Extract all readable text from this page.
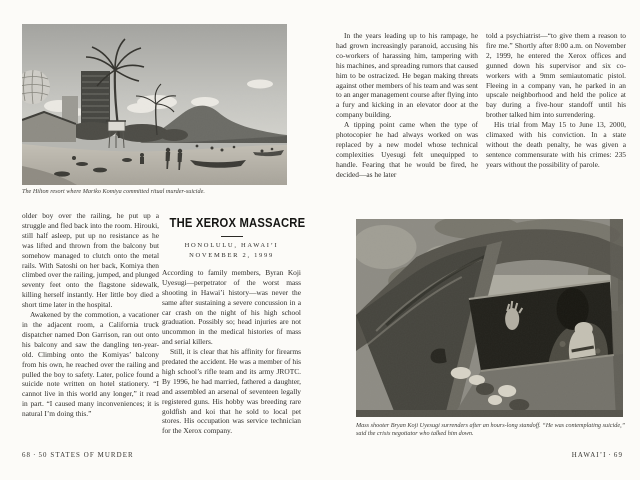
The Hilton resort where Mariko Komiya committed ritual murder-suicide.

older boy over the railing, he put up a struggle and fled back into the room. Hirouki, still half asleep, put up no resistance as he was lifted and thrown from the balcony but somehow managed to clutch onto the metal rails. With Satoshi on her back, Komiya then climbed over the railing, jumped, and plunged seventy feet onto the flagstone sidewalk, killing herself instantly. Her little boy died a short time later in the hospital.

Awakened by the commotion, a vacationer in the adjacent room, a California truck dispatcher named Don Garrison, ran out onto his balcony and saw the dangling ten-year-old. Climbing onto the Komiyas’ balcony from his own, he reached over the railing and pulled the boy to safety. Later, police found a suicide note written on hotel stationery. “I cannot live in this world any longer,” it read in part. “I caused many inconveniences; it is natural I’m doing this.”

THE XEROX MASSACRE
HONOLULU, HAWAI’I
NOVEMBER 2, 1999

According to family members, Byran Koji Uyesugi—perpetrator of the worst mass shooting in Hawai’i history—was never the same after sustaining a severe concussion in a car crash on the night of his high school graduation. Possibly so; head injuries are not uncommon in the medical histories of mass and serial killers.

Still, it is clear that his affinity for firearms predated the accident. He was a member of his high school’s rifle team and its army JROTC. By 1996, he had married, fathered a daughter, and assembled an arsenal of seventeen legally registered guns. His hobby was breeding rare goldfish and koi that he sold to local pet stores. His occupation was service technician for the Xerox company.

68 · 50 STATES OF MURDER

In the years leading up to his rampage, he had grown increasingly paranoid, accusing his co-workers of harassing him, tampering with his machines, and spreading rumors that caused him to be ostracized. He began making threats against other members of his team and was sent to an anger management course after flying into a fury and kicking in an elevator door at the company building.

A tipping point came when the type of photocopier he had always worked on was replaced by a new model whose technical complexities Uyesugi felt unequipped to handle. Fearing that he would be fired, he decided—as he later

told a psychiatrist—“to give them a reason to fire me.” Shortly after 8:00 a.m. on November 2, 1999, he entered the Xerox offices and gunned down his supervisor and six co-workers with a 9mm semiautomatic pistol. Fleeing in a company van, he parked in an upscale neighborhood and held the police at bay during a five-hour standoff until his brother talked him into surrendering.

His trial from May 15 to June 13, 2000, climaxed with his conviction. In a state without the death penalty, he was given a sentence commensurate with his crimes: 235 years without the possibility of parole.

Mass shooter Bryan Koji Uyesugi surrenders after an hours-long standoff. “He was contemplating suicide,” said the crisis negotiator who talked him down.
HAWAI’I · 69
